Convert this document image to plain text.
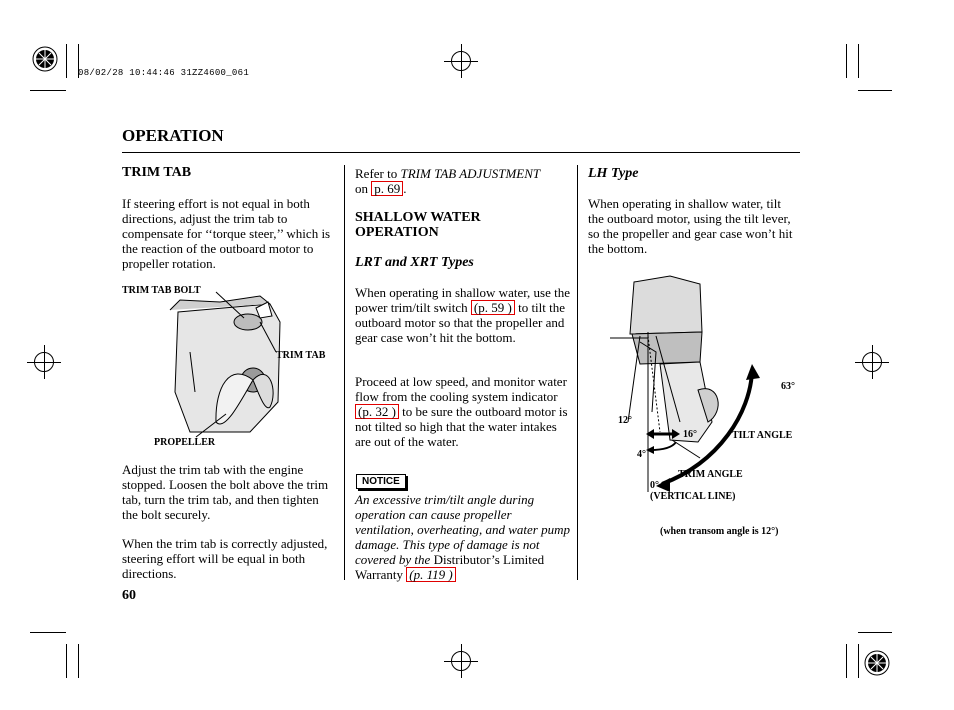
08/02/28 10:44:46 31ZZ4600_061
OPERATION
TRIM TAB
If steering effort is not equal in both directions, adjust the trim tab to compensate for ‘‘torque steer,’’ which is the reaction of the outboard motor to propeller rotation.
TRIM TAB BOLT
TRIM TAB
PROPELLER
Adjust the trim tab with the engine stopped. Loosen the bolt above the trim tab, turn the trim tab, and then tighten the bolt securely.
When the trim tab is correctly adjusted, steering effort will be equal in both directions.
60
Refer to TRIM TAB ADJUSTMENT
on p. 69 .
SHALLOW WATER
OPERATION
LRT and XRT Types
When operating in shallow water, use the power trim/tilt switch (p. 59 ) to tilt the outboard motor so that the propeller and gear case won’t hit the bottom.
Proceed at low speed, and monitor water flow from the cooling system indicator (p. 32 ) to be sure the outboard motor is not tilted so high that the water intakes are out of the water.
NOTICE
An excessive trim/tilt angle during operation can cause propeller ventilation, overheating, and water pump damage. This type of damage is not covered by the Distributor’s Limited Warranty (p. 119 )
LH Type
When operating in shallow water, tilt the outboard motor, using the tilt lever, so the propeller and gear case won’t hit the bottom.
63°
12°
16°	TILT ANGLE
4°
TRIM ANGLE
0°
(VERTICAL LINE)
(when transom angle is 12°)
